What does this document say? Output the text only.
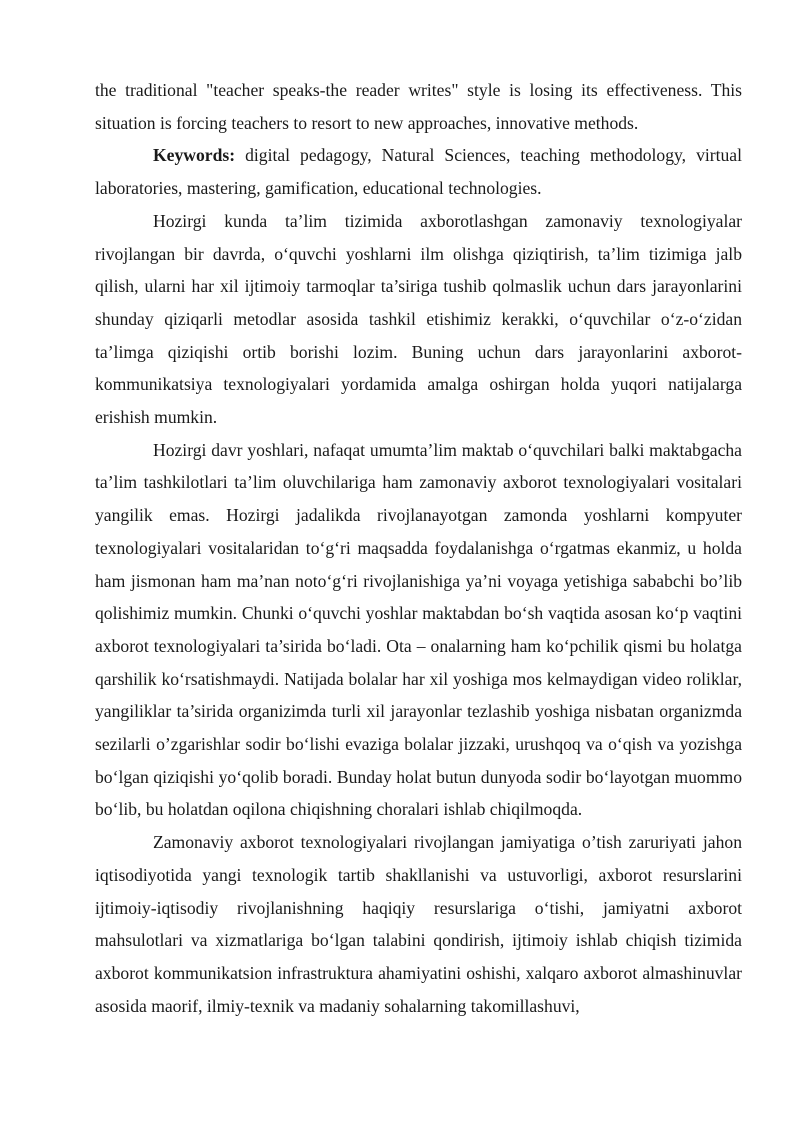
the traditional "teacher speaks-the reader writes" style is losing its effectiveness. This situation is forcing teachers to resort to new approaches, innovative methods.

Keywords: digital pedagogy, Natural Sciences, teaching methodology, virtual laboratories, mastering, gamification, educational technologies.

Hozirgi kunda ta’lim tizimida axborotlashgan zamonaviy texnologiyalar rivojlangan bir davrda, o‘quvchi yoshlarni ilm olishga qiziqtirish, ta’lim tizimiga jalb qilish, ularni har xil ijtimoiy tarmoqlar ta’siriga tushib qolmaslik uchun dars jarayonlarini shunday qiziqarli metodlar asosida tashkil etishimiz kerakki, o‘quvchilar o‘z-o‘zidan ta’limga qiziqishi ortib borishi lozim. Buning uchun dars jarayonlarini axborot-kommunikatsiya texnologiyalari yordamida amalga oshirgan holda yuqori natijalarga erishish mumkin.

Hozirgi davr yoshlari, nafaqat umumta’lim maktab o‘quvchilari balki maktabgacha ta’lim tashkilotlari ta’lim oluvchilariga ham zamonaviy axborot texnologiyalari vositalari yangilik emas. Hozirgi jadalikda rivojlanayotgan zamonda yoshlarni kompyuter texnologiyalari vositalaridan to‘g‘ri maqsadda foydalanishga o‘rgatmas ekanmiz, u holda ham jismonan ham ma’nan noto‘g‘ri rivojlanishiga ya’ni voyaga yetishiga sababchi bo’lib qolishimiz mumkin. Chunki o‘quvchi yoshlar maktabdan bo‘sh vaqtida asosan ko‘p vaqtini axborot texnologiyalari ta’sirida bo‘ladi. Ota – onalarning ham ko‘pchilik qismi bu holatga qarshilik ko‘rsatishmaydi. Natijada bolalar har xil yoshiga mos kelmaydigan video roliklar, yangiliklar ta’sirida organizimda turli xil jarayonlar tezlashib yoshiga nisbatan organizmda sezilarli o’zgarishlar sodir bo‘lishi evaziga bolalar jizzaki, urushqoq va o‘qish va yozishga bo‘lgan qiziqishi yo‘qolib boradi. Bunday holat butun dunyoda sodir bo‘layotgan muommo bo‘lib, bu holatdan oqilona chiqishning choralari ishlab chiqilmoqda.

Zamonaviy axborot texnologiyalari rivojlangan jamiyatiga o’tish zaruriyati jahon iqtisodiyotida yangi texnologik tartib shakllanishi va ustuvorligi, axborot resurslarini ijtimoiy-iqtisodiy rivojlanishning haqiqiy resurslariga o‘tishi, jamiyatni axborot mahsulotlari va xizmatlariga bo‘lgan talabini qondirish, ijtimoiy ishlab chiqish tizimida axborot kommunikatsion infrastruktura ahamiyatini oshishi, xalqaro axborot almashinuvlar asosida maorif, ilmiy-texnik va madaniy sohalarning takomillashuvi,
